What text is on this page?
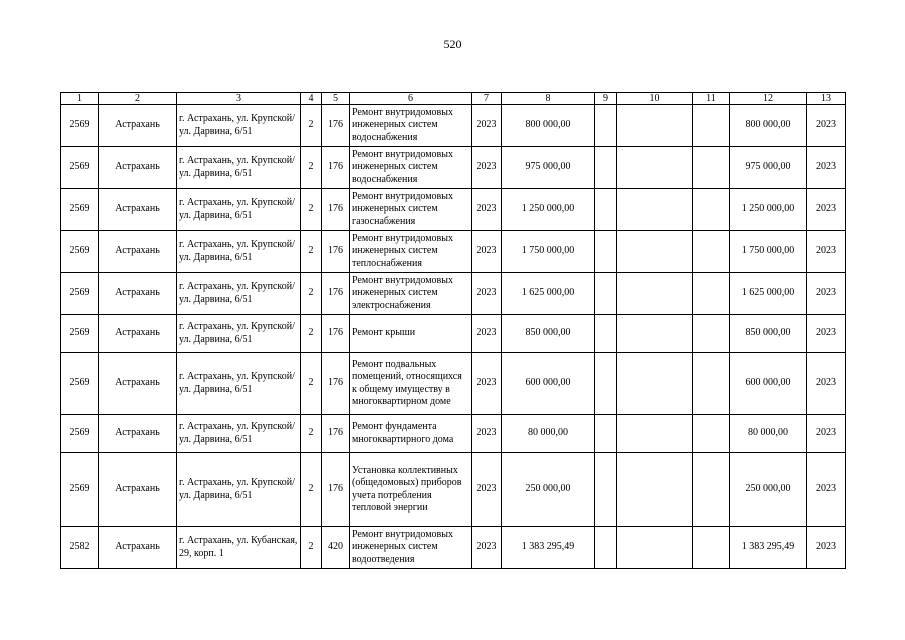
520
1	2	3	4	5	6	7	8	9	10	11	12	13
2569	Астрахань	г. Астрахань, ул. Крупской/ ул. Дарвина, 6/51	2	176	Ремонт внутридомовых инженерных систем водоснабжения	2023	800 000,00				800 000,00	2023
2569	Астрахань	г. Астрахань, ул. Крупской/ ул. Дарвина, 6/51	2	176	Ремонт внутридомовых инженерных систем водоснабжения	2023	975 000,00				975 000,00	2023
2569	Астрахань	г. Астрахань, ул. Крупской/ ул. Дарвина, 6/51	2	176	Ремонт внутридомовых инженерных систем газоснабжения	2023	1 250 000,00				1 250 000,00	2023
2569	Астрахань	г. Астрахань, ул. Крупской/ ул. Дарвина, 6/51	2	176	Ремонт внутридомовых инженерных систем теплоснабжения	2023	1 750 000,00				1 750 000,00	2023
2569	Астрахань	г. Астрахань, ул. Крупской/ ул. Дарвина, 6/51	2	176	Ремонт внутридомовых инженерных систем электроснабжения	2023	1 625 000,00				1 625 000,00	2023
2569	Астрахань	г. Астрахань, ул. Крупской/ ул. Дарвина, 6/51	2	176	Ремонт крыши	2023	850 000,00				850 000,00	2023
2569	Астрахань	г. Астрахань, ул. Крупской/ ул. Дарвина, 6/51	2	176	Ремонт подвальных помещений, относящихся к общему имуществу в многоквартирном доме	2023	600 000,00				600 000,00	2023
2569	Астрахань	г. Астрахань, ул. Крупской/ ул. Дарвина, 6/51	2	176	Ремонт фундамента многоквартирного дома	2023	80 000,00				80 000,00	2023
2569	Астрахань	г. Астрахань, ул. Крупской/ ул. Дарвина, 6/51	2	176	Установка коллективных (общедомовых) приборов учета потребления тепловой энергии	2023	250 000,00				250 000,00	2023
2582	Астрахань	г. Астрахань, ул. Кубанская, 29, корп. 1	2	420	Ремонт внутридомовых инженерных систем водоотведения	2023	1 383 295,49				1 383 295,49	2023
